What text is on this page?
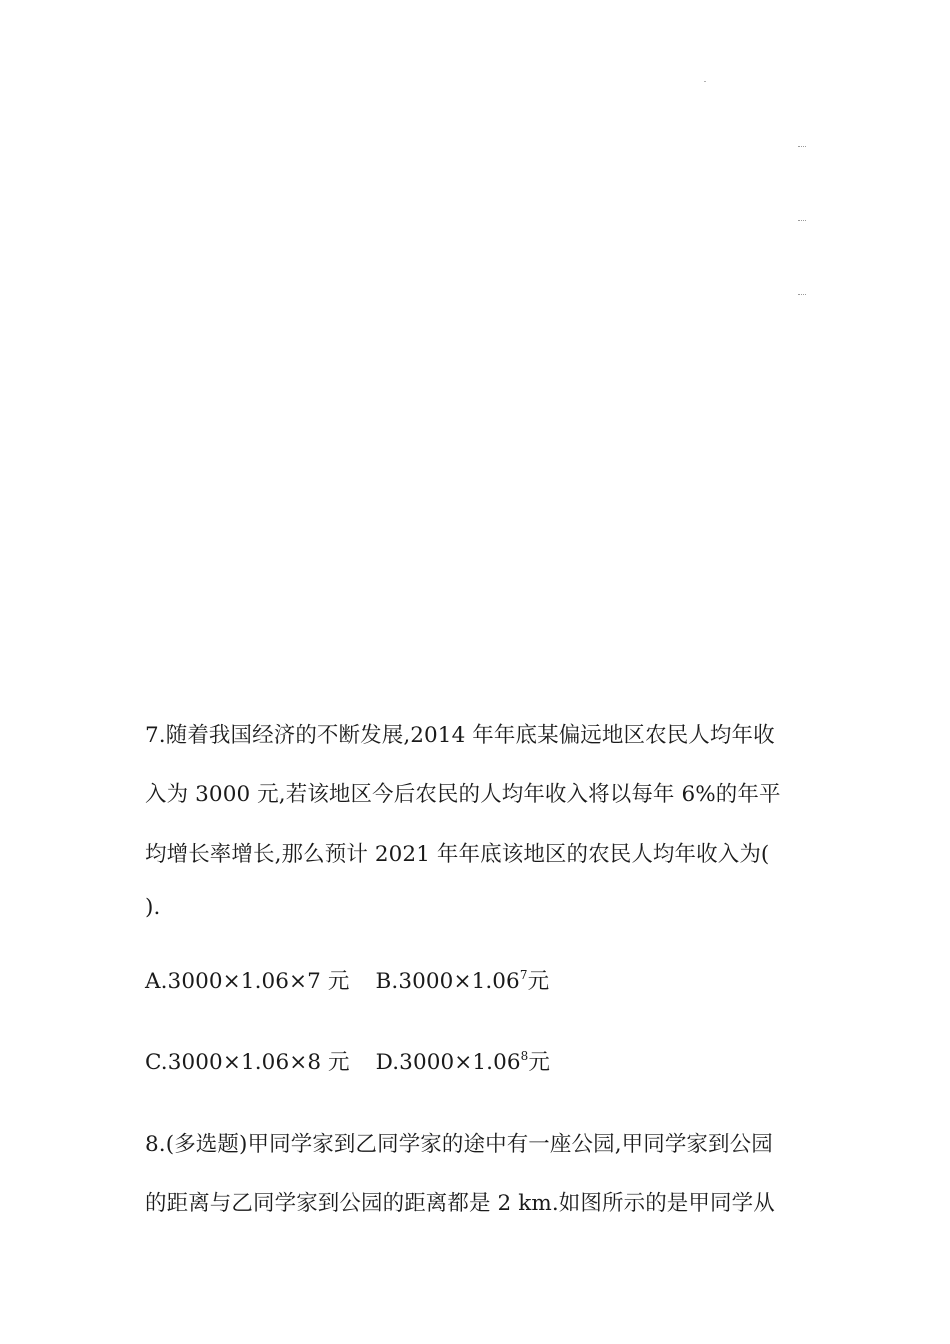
7.随着我国经济的不断发展,2014 年年底某偏远地区农民人均年收
入为 3000 元,若该地区今后农民的人均年收入将以每年 6%的年平
均增长率增长,那么预计 2021 年年底该地区的农民人均年收入为(
).
A.3000×1.06×7 元 $B.3000\times 1.06^7$元
C.3000×1.06×8 元 $D.3000\times 1.06^8$元
8.(多选题)甲同学家到乙同学家的途中有一座公园,甲同学家到公园
的距离与乙同学家到公园的距离都是 2 km.如图所示的是甲同学从
